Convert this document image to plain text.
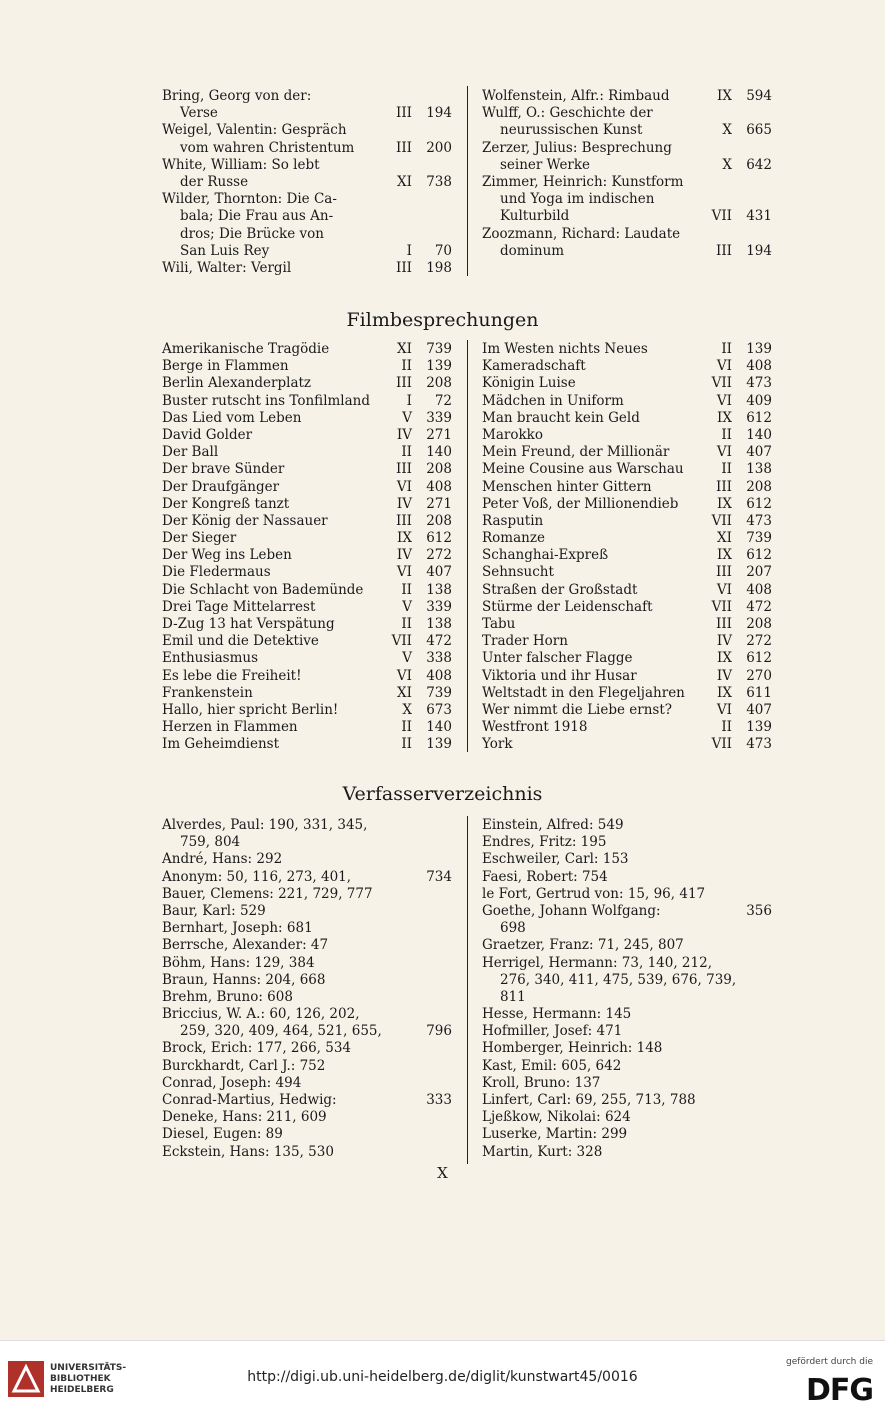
Bring, Georg von der:
Verse	III	194
Weigel, Valentin: Gespräch
vom wahren Christentum	III	200
White, William: So lebt
der Russe	XI	738
Wilder, Thornton: Die Ca-
bala; Die Frau aus An-
dros; Die Brücke von
San Luis Rey	I	70
Wili, Walter: Vergil	III	198
Wolfenstein, Alfr.: Rimbaud	IX	594
Wulff, O.: Geschichte der
neurussischen Kunst	X	665
Zerzer, Julius: Besprechung
seiner Werke	X	642
Zimmer, Heinrich: Kunstform
und Yoga im indischen
Kulturbild	VII	431
Zoozmann, Richard: Laudate
dominum	III	194
Filmbesprechungen
Amerikanische Tragödie	XI	739
Berge in Flammen	II	139
Berlin Alexanderplatz	III	208
Buster rutscht ins Tonfilmland	I	72
Das Lied vom Leben	V	339
David Golder	IV	271
Der Ball	II	140
Der brave Sünder	III	208
Der Draufgänger	VI	408
Der Kongreß tanzt	IV	271
Der König der Nassauer	III	208
Der Sieger	IX	612
Der Weg ins Leben	IV	272
Die Fledermaus	VI	407
Die Schlacht von Bademünde	II	138
Drei Tage Mittelarrest	V	339
D-Zug 13 hat Verspätung	II	138
Emil und die Detektive	VII	472
Enthusiasmus	V	338
Es lebe die Freiheit!	VI	408
Frankenstein	XI	739
Hallo, hier spricht Berlin!	X	673
Herzen in Flammen	II	140
Im Geheimdienst	II	139
Im Westen nichts Neues	II	139
Kameradschaft	VI	408
Königin Luise	VII	473
Mädchen in Uniform	VI	409
Man braucht kein Geld	IX	612
Marokko	II	140
Mein Freund, der Millionär	VI	407
Meine Cousine aus Warschau	II	138
Menschen hinter Gittern	III	208
Peter Voß, der Millionendieb	IX	612
Rasputin	VII	473
Romanze	XI	739
Schanghai-Expreß	IX	612
Sehnsucht	III	207
Straßen der Großstadt	VI	408
Stürme der Leidenschaft	VII	472
Tabu	III	208
Trader Horn	IV	272
Unter falscher Flagge	IX	612
Viktoria und ihr Husar	IV	270
Weltstadt in den Flegeljahren IX	611
Wer nimmt die Liebe ernst?	VI	407
Westfront 1918	II	139
York	VII	473
Verfasserverzeichnis
Alverdes, Paul: 190, 331, 345,
759, 804
André, Hans: 292
Anonym: 50, 116, 273, 401,	734
Bauer, Clemens: 221, 729, 777
Baur, Karl: 529
Bernhart, Joseph: 681
Berrsche, Alexander: 47
Böhm, Hans: 129, 384
Braun, Hanns: 204, 668
Brehm, Bruno: 608
Briccius, W. A.: 60, 126, 202,
259, 320, 409, 464, 521, 655,	796
Brock, Erich: 177, 266, 534
Burckhardt, Carl J.: 752
Conrad, Joseph: 494
Conrad-Martius, Hedwig:	333
Deneke, Hans: 211, 609
Diesel, Eugen: 89
Eckstein, Hans: 135, 530
Einstein, Alfred: 549
Endres, Fritz: 195
Eschweiler, Carl: 153
Faesi, Robert: 754
le Fort, Gertrud von: 15, 96, 417
Goethe, Johann Wolfgang:	356
698
Graetzer, Franz: 71, 245, 807
Herrigel, Hermann: 73, 140, 212,
276, 340, 411, 475, 539, 676, 739,
811
Hesse, Hermann: 145
Hofmiller, Josef: 471
Homberger, Heinrich: 148
Kast, Emil: 605, 642
Kroll, Bruno: 137
Linfert, Carl: 69, 255, 713, 788
Ljeßkow, Nikolai: 624
Luserke, Martin: 299
Martin, Kurt: 328
X
UNIVERSITÄTS-
BIBLIOTHEK
HEIDELBERG
http://digi.ub.uni-heidelberg.de/diglit/kunstwart45/0016
gefördert durch die
DFG
